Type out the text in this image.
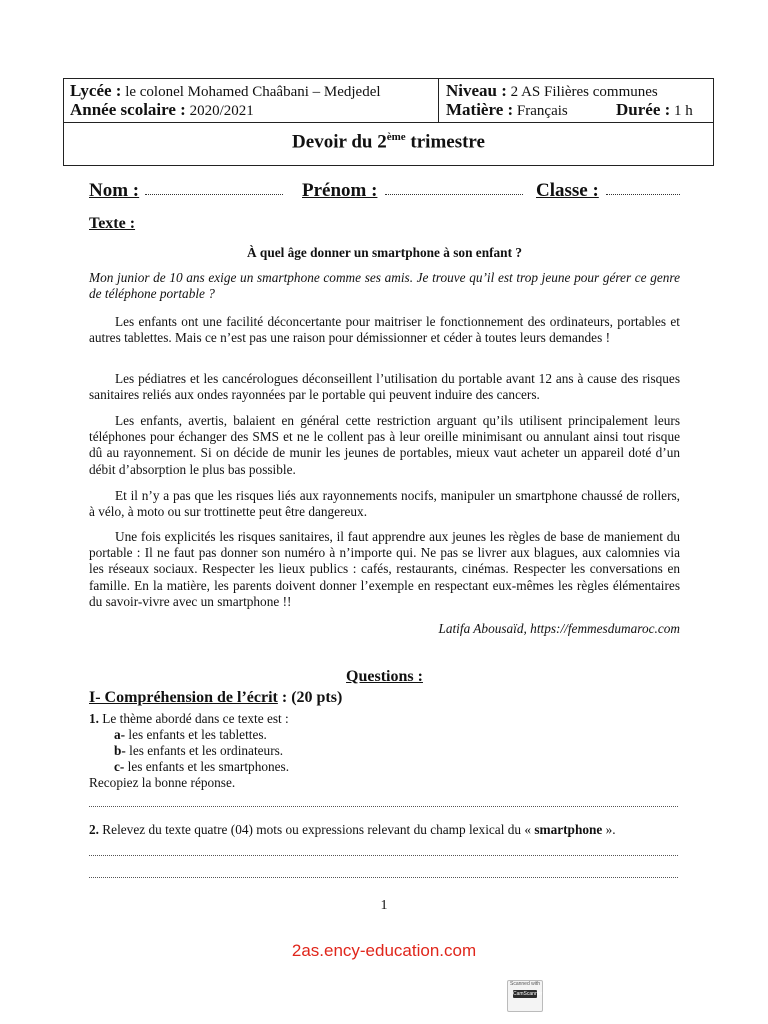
Lycée : le colonel Mohamed Chaâbani – Medjedel
Année scolaire : 2020/2021
Niveau : 2 AS Filières communes
Matière : Français	Durée : 1 h
Devoir du 2ème trimestre
Nom :	Prénom :	Classe :
Texte :
À quel âge donner un smartphone à son enfant ?
Mon junior de 10 ans exige un smartphone comme ses amis. Je trouve qu’il est trop jeune pour gérer ce genre de téléphone portable ?
Les enfants ont une facilité déconcertante pour maitriser le fonctionnement des ordinateurs, portables et autres tablettes. Mais ce n’est pas une raison pour démissionner et céder à toutes leurs demandes !
Les pédiatres et les cancérologues déconseillent l’utilisation du portable avant 12 ans à cause des risques sanitaires reliés aux ondes rayonnées par le portable qui peuvent induire des cancers.
Les enfants, avertis, balaient en général cette restriction arguant qu’ils utilisent principalement leurs téléphones pour échanger des SMS et ne le collent pas à leur oreille minimisant ou annulant ainsi tout risque dû au rayonnement. Si on décide de munir les jeunes de portables, mieux vaut acheter un appareil doté d’un débit d’absorption le plus bas possible.
Et il n’y a pas que les risques liés aux rayonnements nocifs, manipuler un smartphone chaussé de rollers, à vélo, à moto ou sur trottinette peut être dangereux.
Une fois explicités les risques sanitaires, il faut apprendre aux jeunes les règles de base de maniement du portable : Il ne faut pas donner son numéro à n’importe qui. Ne pas se livrer aux blagues, aux calomnies via les réseaux sociaux. Respecter les lieux publics : cafés, restaurants, cinémas. Respecter les conversations en famille. En la matière, les parents doivent donner l’exemple en respectant eux-mêmes les règles élémentaires du savoir-vivre avec un smartphone !!
Latifa Abousaïd, https://femmesdumaroc.com
Questions :
I- Compréhension de l’écrit : (20 pts)
1. Le thème abordé dans ce texte est :
a- les enfants et les tablettes.
b- les enfants et les ordinateurs.
c- les enfants et les smartphones.
Recopiez la bonne réponse.
2. Relevez du texte quatre (04) mots ou expressions relevant du champ lexical du « smartphone ».
1
2as.ency-education.com
Scanned with
CamScanner
